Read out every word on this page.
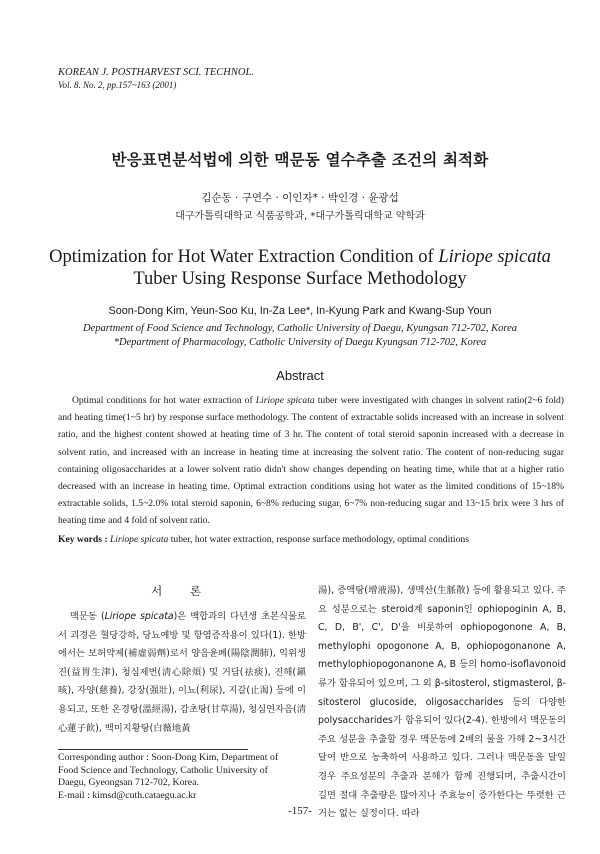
KOREAN J. POSTHARVEST SCI. TECHNOL.
Vol. 8. No. 2, pp.157~163 (2001)
반응표면분석법에 의한 맥문동 열수추출 조건의 최적화
김순동 · 구연수 · 이인자* · 박인경 · 윤광섭
대구가톨릭대학교 식품공학과, *대구가톨릭대학교 약학과
Optimization for Hot Water Extraction Condition of Liriope spicata
Tuber Using Response Surface Methodology
Soon-Dong Kim, Yeun-Soo Ku, In-Za Lee*, In-Kyung Park and Kwang-Sup Youn
Department of Food Science and Technology, Catholic University of Daegu, Kyungsan 712-702, Korea
*Department of Pharmacology, Catholic University of Daegu Kyungsan 712-702, Korea
Abstract

Optimal conditions for hot water extraction of Liriope spicata tuber were investigated with changes in solvent ratio(2~6 fold) and heating time(1~5 hr) by response surface methodology. The content of extractable solids increased with an increase in solvent ratio, and the highest content showed at heating time of 3 hr. The content of total steroid saponin increased with a decrease in solvent ratio, and increased with an increase in heating time at increasing the solvent ratio. The content of non-reducing sugar containing oligosaccharides at a lower solvent ratio didn't show changes depending on heating time, while that at a higher ratio decreased with an increase in heating time. Optimal extraction conditions using hot water as the limited conditions of 15~18% extractable solids, 1.5~2.0% total steroid saponin, 6~8% reducing sugar, 6~7% non-reducing sugar and 13~15 brix were 3 hrs of heating time and 4 fold of solvent ratio.

Key words : Liriope spicata tuber, hot water extraction, response surface methodology, optimal conditions
서 론

맥문동 (Liriope spicata)은 백합과의 다년생 초본식물로서 괴경은 혈당강하, 당뇨예방 및 항염증작용이 있다(1). 한방에서는 보허약제(補虛弱劑)로서 양음윤폐(陽陰潤肺), 익위생진(益胃生津), 청심제번(淸心除煩) 및 거담(祛痰), 진해(鎭咳), 자양(慈養), 강장(强壯), 이뇨(利尿), 지갈(止渴) 등에 이용되고, 또한 온경탕(溫經湯), 감초탕(甘草湯), 청심연자음(淸心蓮子飮), 백미지황탕(白薇地黃

湯), 증액탕(增液湯), 생맥산(生脈散) 등에 활용되고 있다. 주요 성분으로는 steroid계 saponin인 ophiopoginin A, B, C, D, B', C', D'을 비롯하여 ophiopogonone A, B, methylophi opogonone A, B, ophiopogonanone A, methylophiopogonanone A, B 등의 homo-isoflavonoid류가 함유되어 있으며, 그 외 β-sitosterol, stigmasterol, β-sitosterol glucoside, oligosaccharides 등의 다양한 polysaccharides가 함유되어 있다(2-4). 한방에서 맥문동의 주요 성분을 추출할 경우 맥문동에 2배의 물을 가해 2~3시간 달여 반으로 농축하여 사용하고 있다. 그러나 맥문동을 달일 경우 주요성분의 추출과 분해가 함께 진행되며, 추출시간이 길면 절대 추출량은 많아지나 주효능이 증가한다는 뚜렷한 근거는 없는 실정이다. 따라

Corresponding author : Soon-Dong Kim, Department of
Food Science and Technology, Catholic University of
Daegu, Gyeongsan 712-702, Korea.
E-mail : kimsd@cuth.cataegu.ac.kr
-157-
